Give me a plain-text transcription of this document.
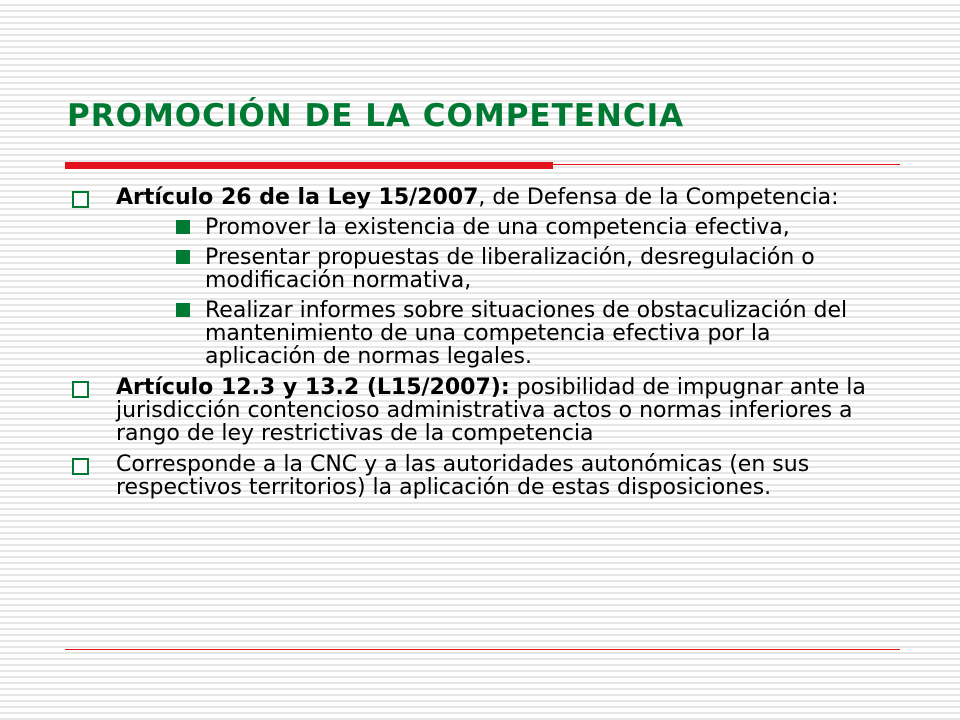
PROMOCIÓN DE LA COMPETENCIA
Artículo 26 de la Ley 15/2007, de Defensa de la Competencia:
Promover la existencia de una competencia efectiva,
Presentar propuestas de liberalización, desregulación o modificación normativa,
Realizar informes sobre situaciones de obstaculización del mantenimiento de una competencia efectiva por la aplicación de normas legales.
Artículo 12.3 y 13.2 (L15/2007): posibilidad de impugnar ante la jurisdicción contencioso administrativa actos o normas inferiores a rango de ley restrictivas de la competencia
Corresponde a la CNC y a las autoridades autonómicas (en sus respectivos territorios) la aplicación de estas disposiciones.
